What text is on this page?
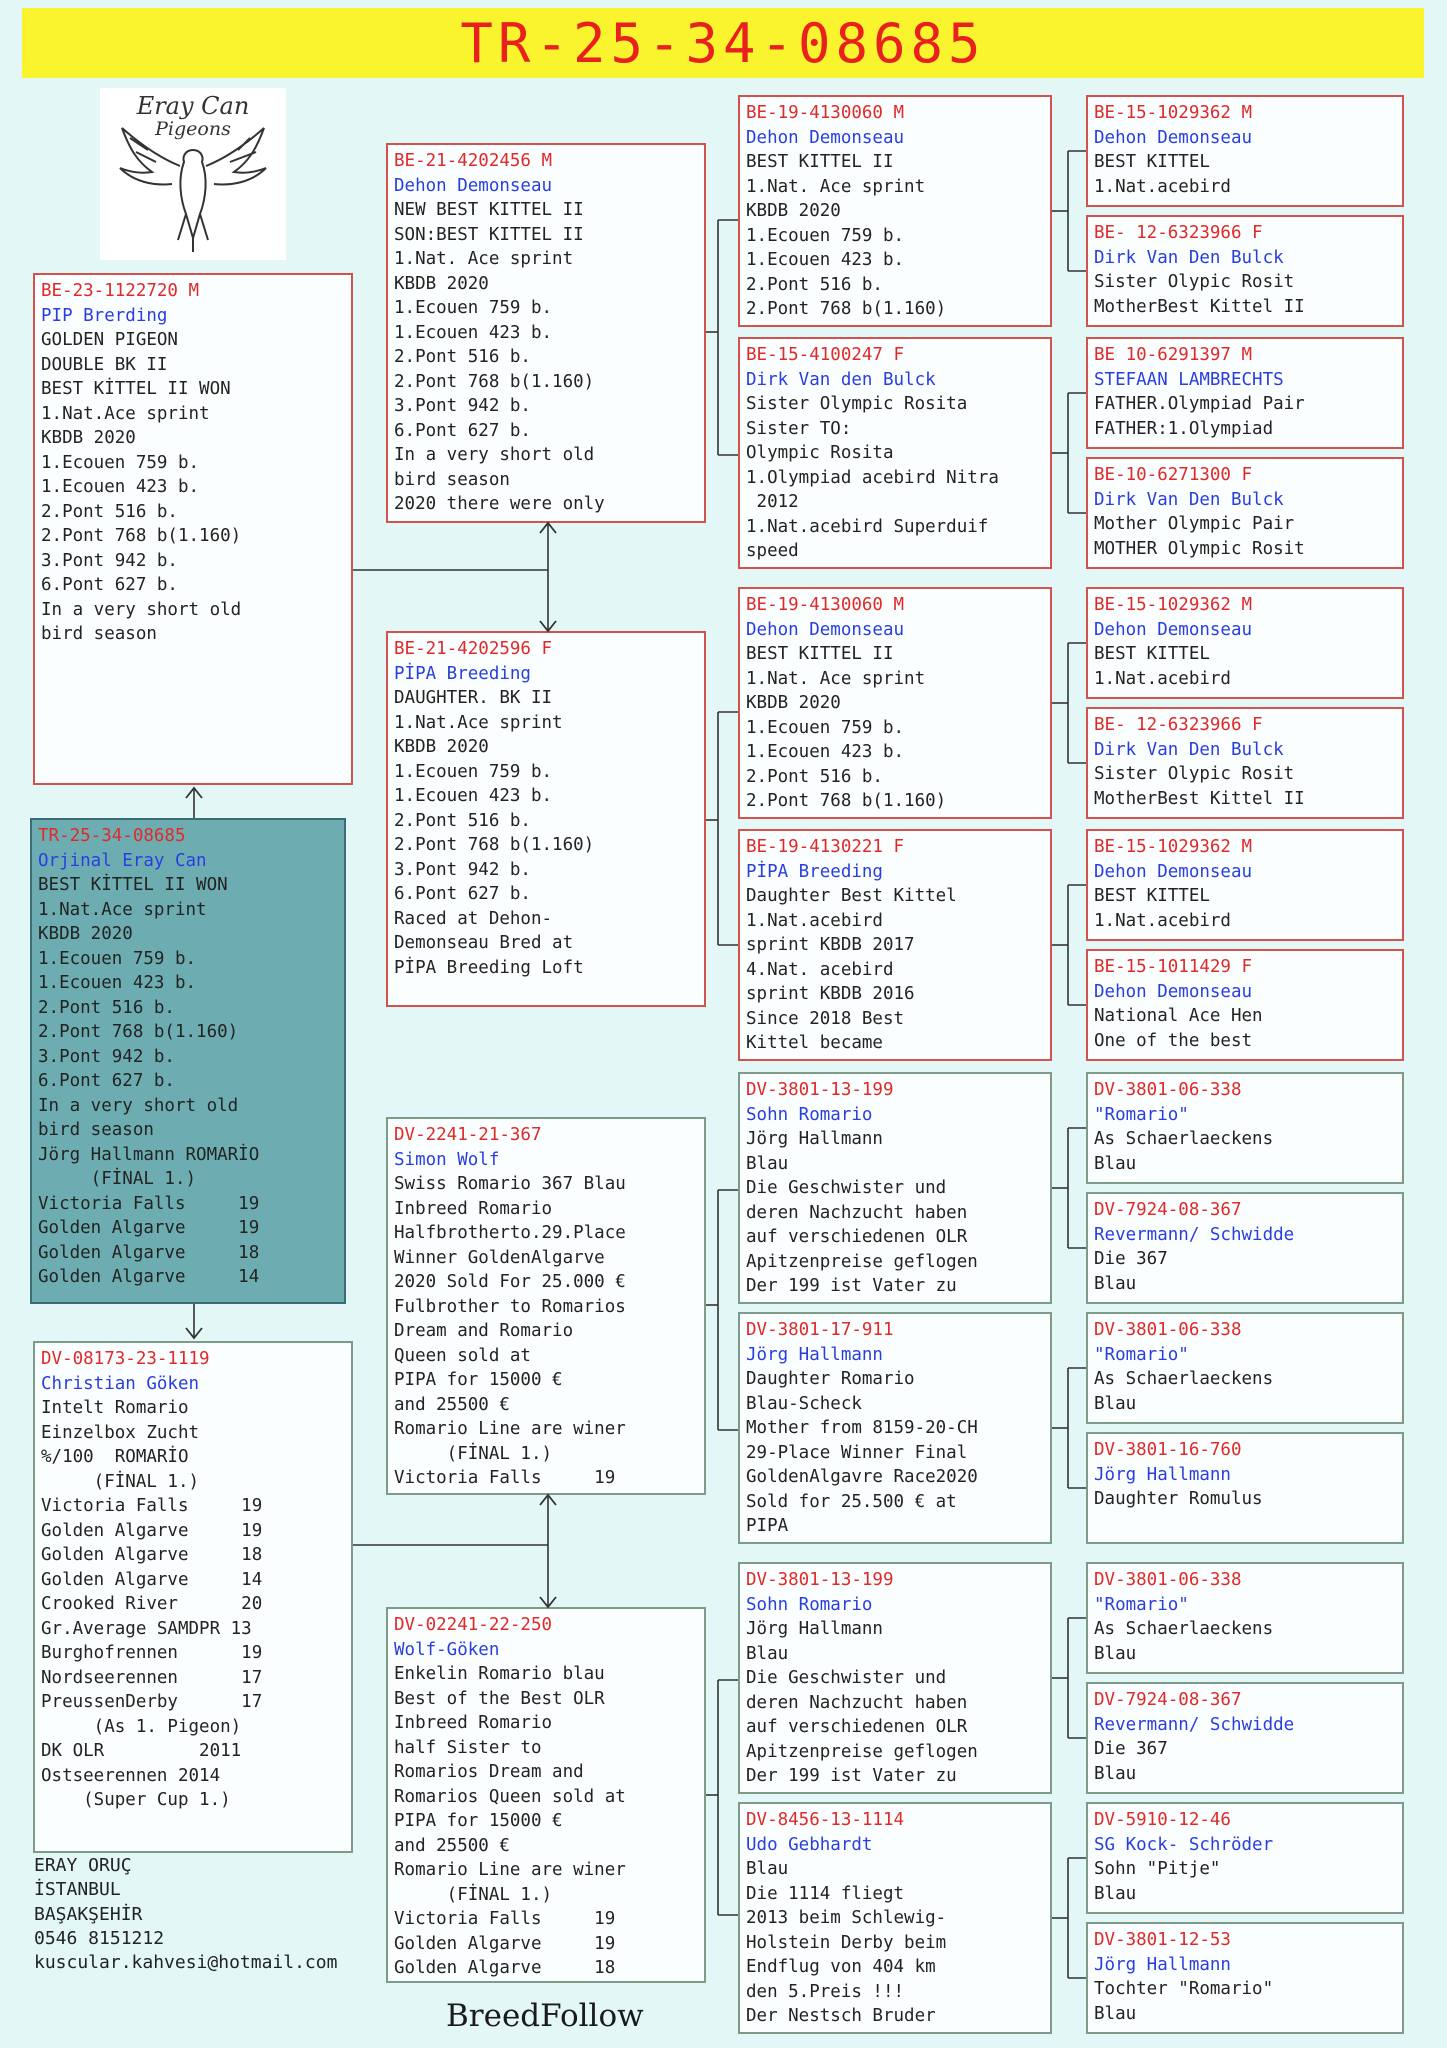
TR-25-34-08685
Eray Can
Pigeons
TR-25-34-08685
Orjinal Eray Can
BEST KİTTEL II WON
1.Nat.Ace sprint
KBDB 2020
1.Ecouen 759 b.
1.Ecouen 423 b.
2.Pont 516 b.
2.Pont 768 b(1.160)
3.Pont 942 b.
6.Pont 627 b.
In a very short old
bird season
Jörg Hallmann ROMARİO
(FİNAL 1.)
Victoria Falls     19
Golden Algarve     19
Golden Algarve     18
Golden Algarve     14
BE-23-1122720 M
PIP Brerding
GOLDEN PIGEON
DOUBLE BK II
BEST KİTTEL II WON
1.Nat.Ace sprint
KBDB 2020
1.Ecouen 759 b.
1.Ecouen 423 b.
2.Pont 516 b.
2.Pont 768 b(1.160)
3.Pont 942 b.
6.Pont 627 b.
In a very short old
bird season
DV-08173-23-1119
Christian Göken
Intelt Romario
Einzelbox Zucht
%/100  ROMARİO
(FİNAL 1.)
Victoria Falls     19
Golden Algarve     19
Golden Algarve     18
Golden Algarve     14
Crooked River      20
Gr.Average SAMDPR 13
Burghofrennen      19
Nordseerennen      17
PreussenDerby      17
(As 1. Pigeon)
DK OLR         2011
Ostseerennen 2014
(Super Cup 1.)
BE-21-4202456 M
Dehon Demonseau
NEW BEST KITTEL II
SON:BEST KITTEL II
1.Nat. Ace sprint
KBDB 2020
1.Ecouen 759 b.
1.Ecouen 423 b.
2.Pont 516 b.
2.Pont 768 b(1.160)
3.Pont 942 b.
6.Pont 627 b.
In a very short old
bird season
2020 there were only
BE-21-4202596 F
PİPA Breeding
DAUGHTER. BK II
1.Nat.Ace sprint
KBDB 2020
1.Ecouen 759 b.
1.Ecouen 423 b.
2.Pont 516 b.
2.Pont 768 b(1.160)
3.Pont 942 b.
6.Pont 627 b.
Raced at Dehon-
Demonseau Bred at
PİPA Breeding Loft
DV-2241-21-367
Simon Wolf
Swiss Romario 367 Blau
Inbreed Romario
Halfbrotherto.29.Place
Winner GoldenAlgarve
2020 Sold For 25.000 €
Fulbrother to Romarios
Dream and Romario
Queen sold at
PIPA for 15000 €
and 25500 €
Romario Line are winer
(FİNAL 1.)
Victoria Falls     19
DV-02241-22-250
Wolf-Göken
Enkelin Romario blau
Best of the Best OLR
Inbreed Romario
half Sister to
Romarios Dream and
Romarios Queen sold at
PIPA for 15000 €
and 25500 €
Romario Line are winer
(FİNAL 1.)
Victoria Falls     19
Golden Algarve     19
Golden Algarve     18
BE-19-4130060 M
Dehon Demonseau
BEST KITTEL II
1.Nat. Ace sprint
KBDB 2020
1.Ecouen 759 b.
1.Ecouen 423 b.
2.Pont 516 b.
2.Pont 768 b(1.160)
BE-15-4100247 F
Dirk Van den Bulck
Sister Olympic Rosita
Sister TO:
Olympic Rosita
1.Olympiad acebird Nitra
2012
1.Nat.acebird Superduif
speed
BE-19-4130060 M
Dehon Demonseau
BEST KITTEL II
1.Nat. Ace sprint
KBDB 2020
1.Ecouen 759 b.
1.Ecouen 423 b.
2.Pont 516 b.
2.Pont 768 b(1.160)
BE-19-4130221 F
PİPA Breeding
Daughter Best Kittel
1.Nat.acebird
sprint KBDB 2017
4.Nat. acebird
sprint KBDB 2016
Since 2018 Best
Kittel became
DV-3801-13-199
Sohn Romario
Jörg Hallmann
Blau
Die Geschwister und
deren Nachzucht haben
auf verschiedenen OLR
Apitzenpreise geflogen
Der 199 ist Vater zu
DV-3801-17-911
Jörg Hallmann
Daughter Romario
Blau-Scheck
Mother from 8159-20-CH
29-Place Winner Final
GoldenAlgavre Race2020
Sold for 25.500 € at
PIPA
DV-3801-13-199
Sohn Romario
Jörg Hallmann
Blau
Die Geschwister und
deren Nachzucht haben
auf verschiedenen OLR
Apitzenpreise geflogen
Der 199 ist Vater zu
DV-8456-13-1114
Udo Gebhardt
Blau
Die 1114 fliegt
2013 beim Schlewig-
Holstein Derby beim
Endflug von 404 km
den 5.Preis !!!
Der Nestsch Bruder
BE-15-1029362 M
Dehon Demonseau
BEST KITTEL
1.Nat.acebird
BE- 12-6323966 F
Dirk Van Den Bulck
Sister Olypic Rosit
MotherBest Kittel II
BE 10-6291397 M
STEFAAN LAMBRECHTS
FATHER.Olympiad Pair
FATHER:1.Olympiad
BE-10-6271300 F
Dirk Van Den Bulck
Mother Olympic Pair
MOTHER Olympic Rosit
BE-15-1029362 M
Dehon Demonseau
BEST KITTEL
1.Nat.acebird
BE- 12-6323966 F
Dirk Van Den Bulck
Sister Olypic Rosit
MotherBest Kittel II
BE-15-1029362 M
Dehon Demonseau
BEST KITTEL
1.Nat.acebird
BE-15-1011429 F
Dehon Demonseau
National Ace Hen
One of the best
DV-3801-06-338
"Romario"
As Schaerlaeckens
Blau
DV-7924-08-367
Revermann/ Schwidde
Die 367
Blau
DV-3801-06-338
"Romario"
As Schaerlaeckens
Blau
DV-3801-16-760
Jörg Hallmann
Daughter Romulus
DV-3801-06-338
"Romario"
As Schaerlaeckens
Blau
DV-7924-08-367
Revermann/ Schwidde
Die 367
Blau
DV-5910-12-46
SG Kock- Schröder
Sohn "Pitje"
Blau
DV-3801-12-53
Jörg Hallmann
Tochter "Romario"
Blau
ERAY ORUÇ
İSTANBUL
BAŞAKŞEHİR
0546 8151212
kuscular.kahvesi@hotmail.com
BreedFollow
